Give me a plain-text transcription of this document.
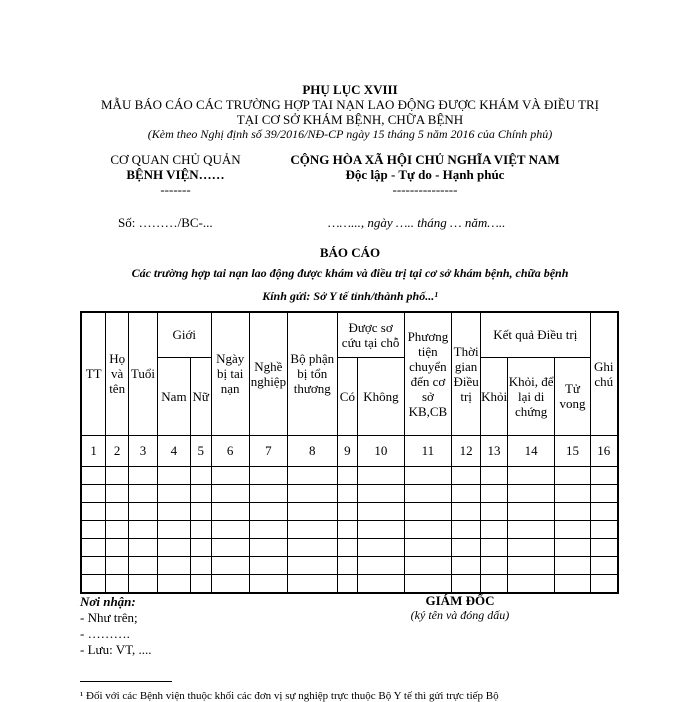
PHỤ LỤC XVIII
MẪU BÁO CÁO CÁC TRƯỜNG HỢP TAI NẠN LAO ĐỘNG ĐƯỢC KHÁM VÀ ĐIỀU TRỊ
TẠI CƠ SỞ KHÁM BỆNH, CHỮA BỆNH
(Kèm theo Nghị định số 39/2016/NĐ-CP ngày 15 tháng 5 năm 2016 của Chính phủ)
CƠ QUAN CHỦ QUẢN
BỆNH VIỆN……
-------
CỘNG HÒA XÃ HỘI CHỦ NGHĨA VIỆT NAM
Độc lập - Tự do - Hạnh phúc
---------------
Số: ………/BC-...	……..., ngày ….. tháng … năm…..
BÁO CÁO
Các trường hợp tai nạn lao động được khám và điều trị tại cơ sở khám bệnh, chữa bệnh
Kính gửi: Sở Y tế tỉnh/thành phố...¹
TT	Họ và tên	Tuổi	Giới		Ngày bị tai nạn	Nghề nghiệp	Bộ phận bị tổn thương	Được sơ cứu tại chỗ		Phương tiện chuyển đến cơ sở KB,CB	Thời gian Điều trị	Kết quả Điều trị			Ghi chú
			Nam	Nữ				Có	Không			Khỏi	Khỏi, để lại di chứng	Tử vong	
1	2	3	4	5	6	7	8	9	10	11	12	13	14	15	16

Nơi nhận:
- Như trên;
- ……….
- Lưu: VT, ....
GIÁM ĐỐC
(ký tên và đóng dấu)
¹ Đối với các Bệnh viện thuộc khối các đơn vị sự nghiệp trực thuộc Bộ Y tế thì gửi trực tiếp Bộ
